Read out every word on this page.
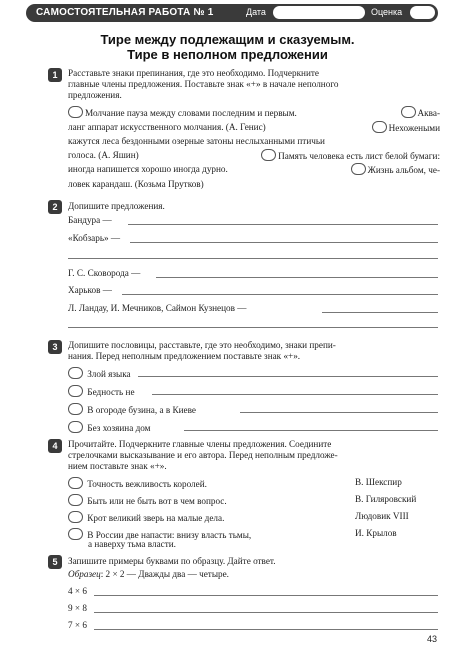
САМОСТОЯТЕЛЬНАЯ РАБОТА № 1	Дата	Оценка
Тире между подлежащим и сказуемым.
Тире в неполном предложении
1	Расставьте знаки препинания, где это необходимо. Подчеркните
главные члены предложения. Поставьте знак «+» в начале неполного
предложения.
Молчание пауза между словами последним и первым.	Аква-
ланг аппарат искусственного молчания. (А. Генис)	Нехожеными
кажутся леса бездонными озерные затоны неслыханными птичьи
голоса. (А. Яшин)	Память человека есть лист белой бумаги:
иногда напишется хорошо иногда дурно.	Жизнь альбом, че-
ловек карандаш. (Козьма Прутков)
2	Допишите предложения.
Бандура —
«Кобзарь» —
Г. С. Сковорода —
Харьков —
Л. Ландау, И. Мечников, Саймон Кузнецов —
3	Допишите пословицы, расставьте, где это необходимо, знаки препи-
нания. Перед неполным предложением поставьте знак «+».
Злой языка
Бедность не
В огороде бузина, а в Киеве
Без хозяина дом
4	Прочитайте. Подчеркните главные члены предложения. Соедините
стрелочками высказывание и его автора. Перед неполным предложе-
нием поставьте знак «+».
Точность вежливость королей.	В. Шекспир
Быть или не быть вот в чем вопрос.	В. Гиляровский
Крот великий зверь на малые дела.	Людовик VIII
В России две напасти: внизу власть тьмы,
а наверху тьма власти.
И. Крылов
5	Запишите примеры буквами по образцу. Дайте ответ.
Образец: 2 × 2 — Дважды два — четыре.
4 × 6
9 × 8
7 × 6
43
